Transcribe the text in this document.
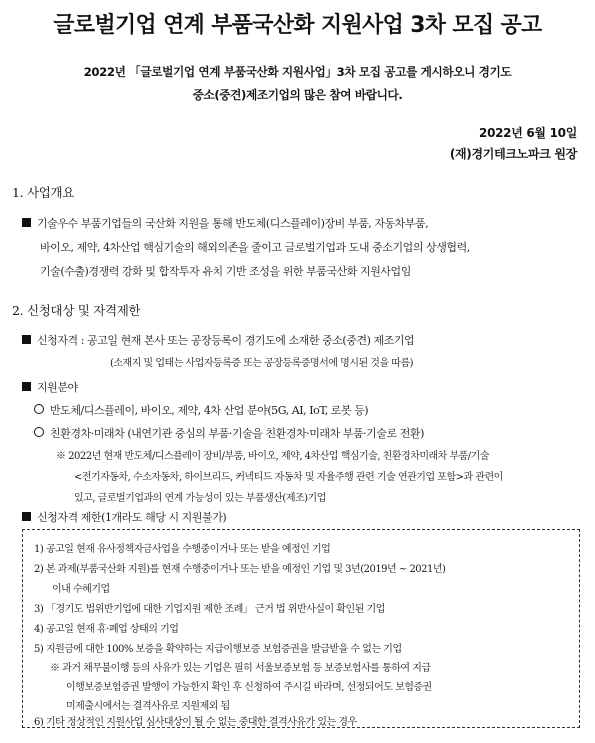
글로벌기업 연계 부품국산화 지원사업 3차 모집 공고
2022년 「글로벌기업 연계 부품국산화 지원사업」3차 모집 공고를 게시하오니 경기도
중소(중견)제조기업의 많은 참여 바랍니다.
2022년 6월 10일
(재)경기테크노파크 원장
1. 사업개요
기술우수 부품기업들의 국산화 지원을 통해 반도체(디스플레이)장비 부품, 자동차부품,
바이오, 제약, 4차산업 핵심기술의 해외의존을 줄이고 글로벌기업과 도내 중소기업의 상생협력,
기술(수출)경쟁력 강화 및 합작투자 유치 기반 조성을 위한 부품국산화 지원사업임
2. 신청대상 및 자격제한
신청자격 : 공고일 현재 본사 또는 공장등록이 경기도에 소재한 중소(중견) 제조기업
(소재지 및 업태는 사업자등록증 또는 공장등록증명서에 명시된 것을 따름)
지원분야
반도체/디스플레이, 바이오, 제약, 4차 산업 분야(5G, AI, IoT, 로봇 등)
친환경차·미래차 (내연기관 중심의 부품·기술을 친환경차·미래차 부품·기술로 전환)
※ 2022년 현재 반도체/디스플레이 장비/부품, 바이오, 제약, 4차산업 핵심기술, 친환경차미래차 부품/기술
<전기자동차, 수소자동차, 하이브리드, 커넥티드 자동차 및 자율주행 관련 기술 연관기업 포함>과 관련이
있고, 글로벌기업과의 연계 가능성이 있는 부품생산(제조)기업
신청자격 제한(1개라도 해당 시 지원불가)
1) 공고일 현재 유사정책자금사업을 수행중이거나 또는 받을 예정인 기업
2) 본 과제(부품국산화 지원)를 현재 수행중이거나 또는 받을 예정인 기업 및 3년(2019년 ~ 2021년)
이내 수혜기업
3) 「경기도 법위반기업에 대한 기업지원 제한 조례」 근거 법 위반사실이 확인된 기업
4) 공고일 현재 휴·폐업 상태의 기업
5) 지원금에 대한 100% 보증을 확약하는 지급이행보증 보험증권을 발급받을 수 없는 기업
※ 과거 채무불이행 등의 사유가 있는 기업은 필히 서울보증보험 등 보증보험사를 통하여 지급
이행보증보험증권 발행이 가능한지 확인 후 신청하여 주시길 바라며, 선정되어도 보험증권
미제출시에서는 결격사유로 지원제외 됨
6) 기타 정상적인 지원사업 심사대상이 될 수 없는 중대한 결격사유가 있는 경우
